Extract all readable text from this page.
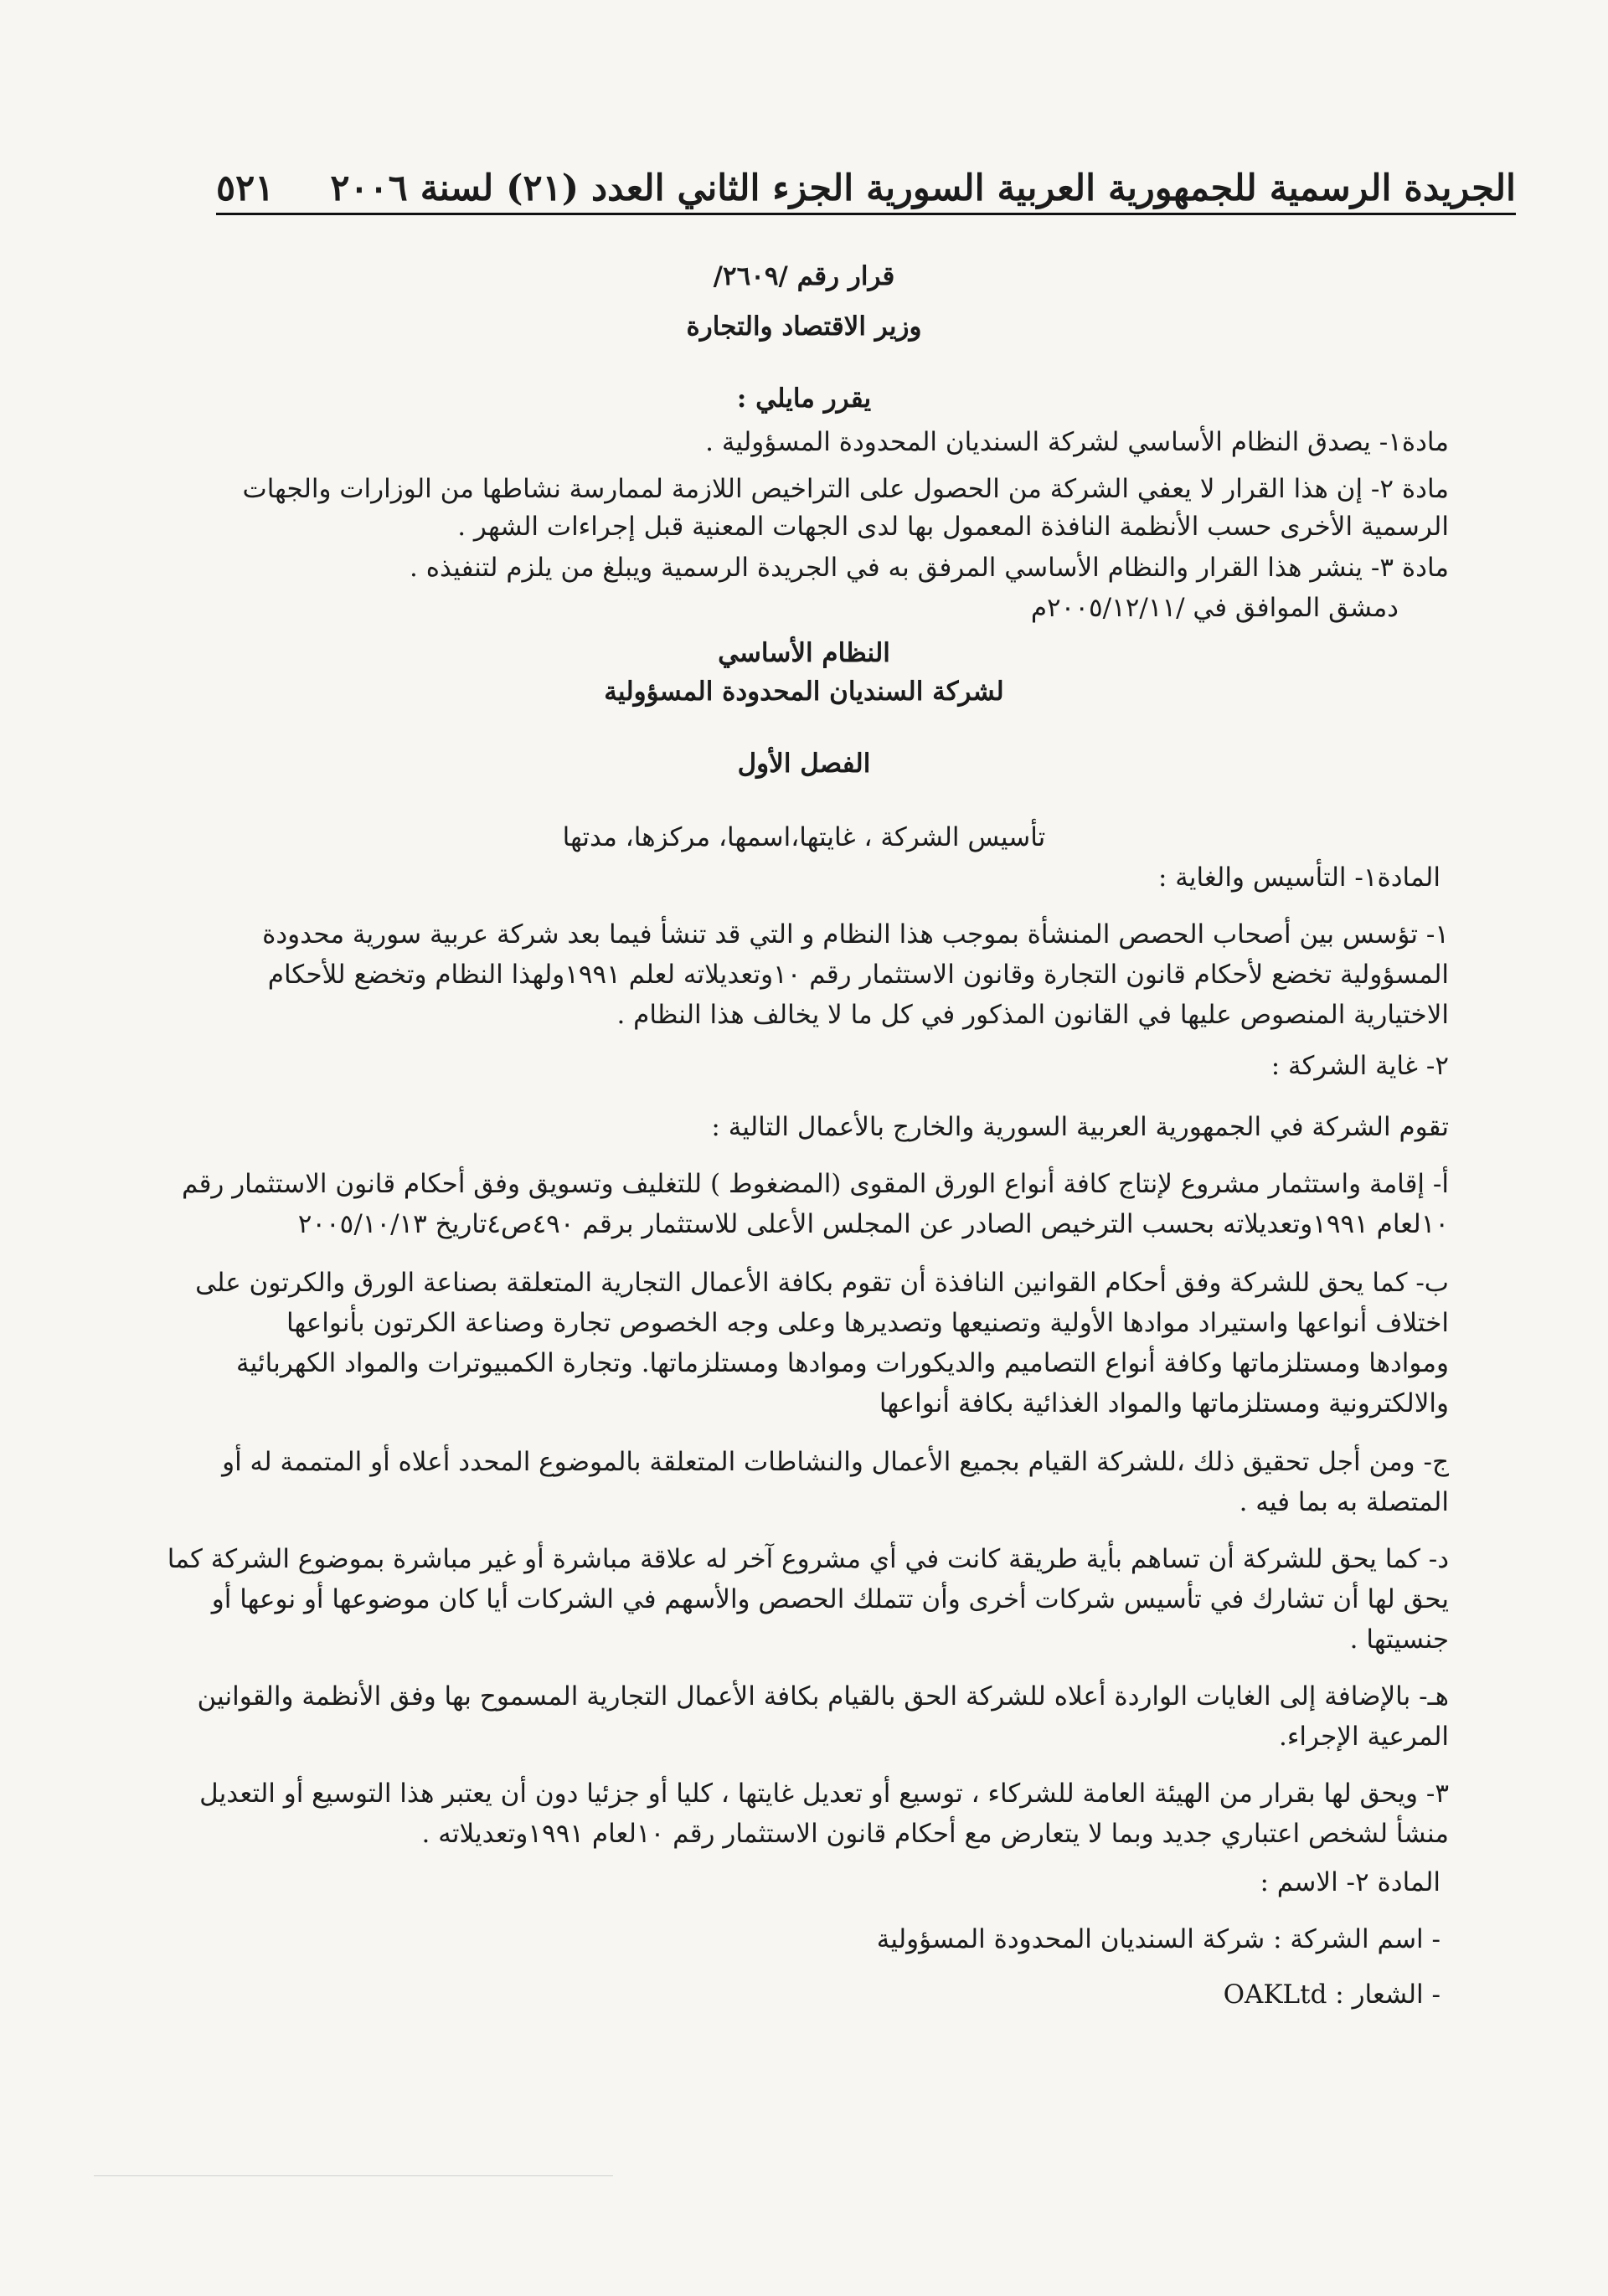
الجريدة الرسمية للجمهورية العربية السورية الجزء الثاني العدد (٢١) لسنة ٢٠٠٦
٥٢١
قرار رقم /٢٦٠٩/
وزير الاقتصاد والتجارة
يقرر مايلي :
مادة١- يصدق النظام الأساسي لشركة السنديان المحدودة المسؤولية .
مادة ٢- إن هذا القرار لا يعفي الشركة من الحصول على التراخيص اللازمة لممارسة نشاطها من الوزارات والجهات
الرسمية الأخرى حسب الأنظمة النافذة المعمول بها لدى الجهات المعنية قبل إجراءات الشهر .
مادة ٣- ينشر هذا القرار والنظام الأساسي المرفق به في الجريدة الرسمية ويبلغ من يلزم لتنفيذه .
دمشق الموافق في /٢٠٠٥/١٢/١١م
النظام الأساسي
لشركة السنديان المحدودة المسؤولية
الفصل الأول
تأسيس الشركة ، غايتها،اسمها، مركزها، مدتها
المادة١- التأسيس والغاية :
١- تؤسس بين أصحاب الحصص المنشأة بموجب هذا النظام و التي قد تنشأ فيما بعد شركة عربية سورية محدودة
المسؤولية تخضع لأحكام قانون التجارة وقانون الاستثمار رقم ١٠وتعديلاته لعلم ١٩٩١ولهذا النظام وتخضع للأحكام
الاختيارية المنصوص عليها في القانون المذكور في كل ما لا يخالف هذا النظام .
٢- غاية الشركة :
تقوم الشركة في الجمهورية العربية السورية والخارج بالأعمال التالية :
أ- إقامة واستثمار مشروع لإنتاج كافة أنواع الورق المقوى (المضغوط ) للتغليف وتسويق وفق أحكام قانون الاستثمار رقم
١٠لعام ١٩٩١وتعديلاته بحسب الترخيص الصادر عن المجلس الأعلى للاستثمار برقم ٤٩٠ص٤تاريخ ٢٠٠٥/١٠/١٣
ب- كما يحق للشركة وفق أحكام القوانين النافذة أن تقوم بكافة الأعمال التجارية المتعلقة بصناعة الورق والكرتون على
اختلاف أنواعها واستيراد موادها الأولية وتصنيعها وتصديرها وعلى وجه الخصوص تجارة وصناعة الكرتون بأنواعها
وموادها ومستلزماتها وكافة أنواع التصاميم والديكورات وموادها ومستلزماتها. وتجارة الكمبيوترات والمواد الكهربائية
والالكترونية ومستلزماتها والمواد الغذائية بكافة أنواعها
ج- ومن أجل تحقيق ذلك ،للشركة القيام بجميع الأعمال والنشاطات المتعلقة بالموضوع المحدد أعلاه أو المتممة له أو
المتصلة به بما فيه .
د- كما يحق للشركة أن تساهم بأية طريقة كانت في أي مشروع آخر له علاقة مباشرة أو غير مباشرة بموضوع الشركة كما
يحق لها أن تشارك في تأسيس شركات أخرى وأن تتملك الحصص والأسهم في الشركات أيا كان موضوعها أو نوعها أو
جنسيتها .
هـ- بالإضافة إلى الغايات الواردة أعلاه للشركة الحق بالقيام بكافة الأعمال التجارية المسموح بها وفق الأنظمة والقوانين
المرعية الإجراء.
٣- ويحق لها بقرار من الهيئة العامة للشركاء ، توسيع أو تعديل غايتها ، كليا أو جزئيا دون أن يعتبر هذا التوسيع أو التعديل
منشأ لشخص اعتباري جديد وبما لا يتعارض مع أحكام قانون الاستثمار رقم ١٠لعام ١٩٩١وتعديلاته .
المادة ٢- الاسم :
- اسم الشركة : شركة السنديان المحدودة المسؤولية
- الشعار : OAKLtd
